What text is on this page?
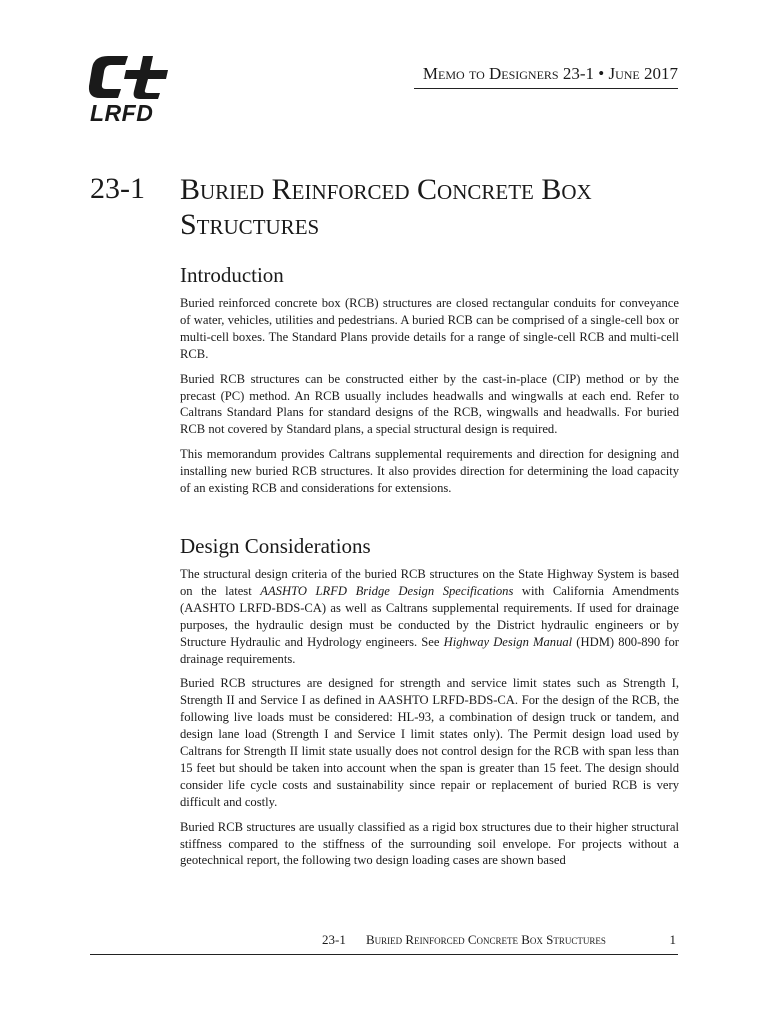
LRFD
Memo to Designers 23-1 • June 2017
23-1 Buried Reinforced Concrete Box Structures
Introduction

Buried reinforced concrete box (RCB) structures are closed rectangular conduits for conveyance of water, vehicles, utilities and pedestrians. A buried RCB can be comprised of a single-cell box or multi-cell boxes. The Standard Plans provide details for a range of single-cell RCB and multi-cell RCB.

Buried RCB structures can be constructed either by the cast-in-place (CIP) method or by the precast (PC) method. An RCB usually includes headwalls and wingwalls at each end. Refer to Caltrans Standard Plans for standard designs of the RCB, wingwalls and headwalls. For buried RCB not covered by Standard plans, a special structural design is required.

This memorandum provides Caltrans supplemental requirements and direction for designing and installing new buried RCB structures. It also provides direction for determining the load capacity of an existing RCB and considerations for extensions.

Design Considerations

The structural design criteria of the buried RCB structures on the State Highway System is based on the latest AASHTO LRFD Bridge Design Specifications with California Amendments (AASHTO LRFD-BDS-CA) as well as Caltrans supplemental requirements. If used for drainage purposes, the hydraulic design must be conducted by the District hydraulic engineers or by Structure Hydraulic and Hydrology engineers. See Highway Design Manual (HDM) 800-890 for drainage requirements.

Buried RCB structures are designed for strength and service limit states such as Strength I, Strength II and Service I as defined in AASHTO LRFD-BDS-CA. For the design of the RCB, the following live loads must be considered: HL-93, a combination of design truck or tandem, and design lane load (Strength I and Service I limit states only). The Permit design load used by Caltrans for Strength II limit state usually does not control design for the RCB with span less than 15 feet but should be taken into account when the span is greater than 15 feet. The design should consider life cycle costs and sustainability since repair or replacement of buried RCB is very difficult and costly.

Buried RCB structures are usually classified as a rigid box structures due to their higher structural stiffness compared to the stiffness of the surrounding soil envelope. For projects without a geotechnical report, the following two design loading cases are shown based

23-1 Buried Reinforced Concrete Box Structures	1
